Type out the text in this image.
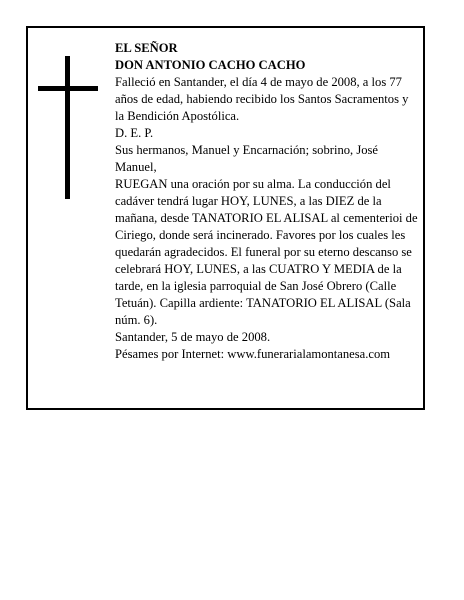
EL SEÑOR

DON ANTONIO CACHO CACHO

Falleció en Santander, el día 4 de mayo de 2008, a los 77 años de edad, habiendo recibido los Santos Sacramentos y la Bendición Apostólica.

D. E. P.

Sus hermanos, Manuel y Encarnación; sobrino, José Manuel,

RUEGAN una oración por su alma. La conducción del cadáver tendrá lugar HOY, LUNES, a las DIEZ de la mañana, desde TANATORIO EL ALISAL al cementerioi de Ciriego, donde será incinerado. Favores por los cuales les quedarán agradecidos. El funeral por su eterno descanso se celebrará HOY, LUNES, a las CUATRO Y MEDIA de la tarde, en la iglesia parroquial de San José Obrero (Calle Tetuán). Capilla ardiente: TANATORIO EL ALISAL (Sala núm. 6).

Santander, 5 de mayo de 2008.

Pésames por Internet: www.funerarialamontanesa.com
